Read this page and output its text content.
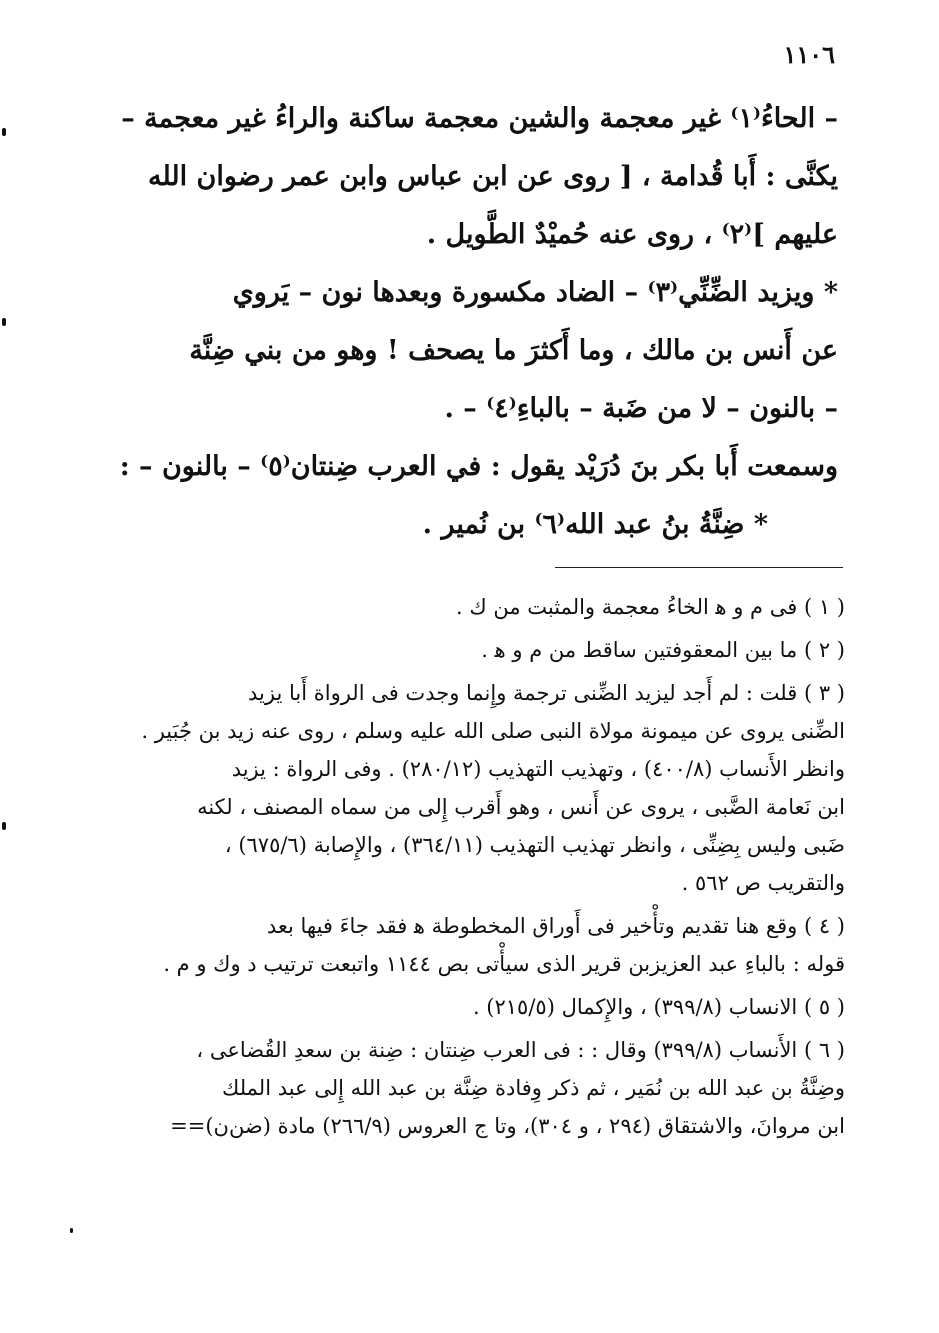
١١٠٦

– الحاءُ⁽١⁾ غير معجمة والشين معجمة ساكنة والراءُ غير معجمة –
يكنَّى : أَبا قُدامة ، [ روى عن ابن عباس وابن عمر رضوان الله
عليهم ]⁽٢⁾ ، روى عنه حُميْدٌ الطَّويل .

* ويزيد الضِّنِّي⁽٣⁾ – الضاد مكسورة وبعدها نون – يَروي
عن أَنس بن مالك ، وما أَكثرَ ما يصحف ! وهو من بني ضِنَّة
– بالنون – لا من ضَبة – بالباءِ⁽٤⁾ – .

وسمعت أَبا بكر بنَ دُرَيْد يقول : في العرب ضِنتان⁽٥⁾ – بالنون – :

* ضِنَّةُ بنُ عبد الله⁽٦⁾ بن نُمير .

( ١ ) فى م و ﻫ الخاءُ معجمة والمثبت من ك .
( ٢ ) ما بين المعقوفتين ساقط من م و ﻫ .
( ٣ ) قلت : لم أَجد ليزيد الضِّنى ترجمة وإِنما وجدت فى الرواة أَبا يزيد
الضِّنى يروى عن ميمونة مولاة النبى صلى الله عليه وسلم ، روى عنه زيد بن جُبَير .
وانظر الأَنساب (٤٠٠/٨) ، وتهذيب التهذيب (٢٨٠/١٢) . وفى الرواة : يزيد
ابن نَعامة الضَّبى ، يروى عن أَنس ، وهو أَقرب إِلى من سماه المصنف ، لكنه
ضَبى وليس بِضِنِّى ، وانظر تهذيب التهذيب (٣٦٤/١١) ، والإِصابة (٦٧٥/٦) ،
والتقريب ص ٥٦٢ .
( ٤ ) وقع هنا تقديم وتأْخير فى أَوراق المخطوطة ﻫ فقد جاءَ فيها بعد
قوله : بالباءِ عبد العزيزبن قرير الذى سيأْتى بص ١١٤٤ واتبعت ترتيب د وك و م .
( ٥ ) الانساب (٣٩٩/٨) ، والإِكمال (٢١٥/٥) .
( ٦ ) الأَنساب (٣٩٩/٨) وقال : : فى العرب ضِنتان : ضِنة بن سعدِ القُضاعى ،
وضِنَّةُ بن عبد الله بن نُمَير ، ثم ذكر وِفادة ضِنَّة بن عبد الله إِلى عبد الملك
ابن مروانَ، والاشتقاق (٢٩٤ ، و ٣٠٤)، وتا ج العروس (٢٦٦/٩) مادة (ضن‌ن)==
